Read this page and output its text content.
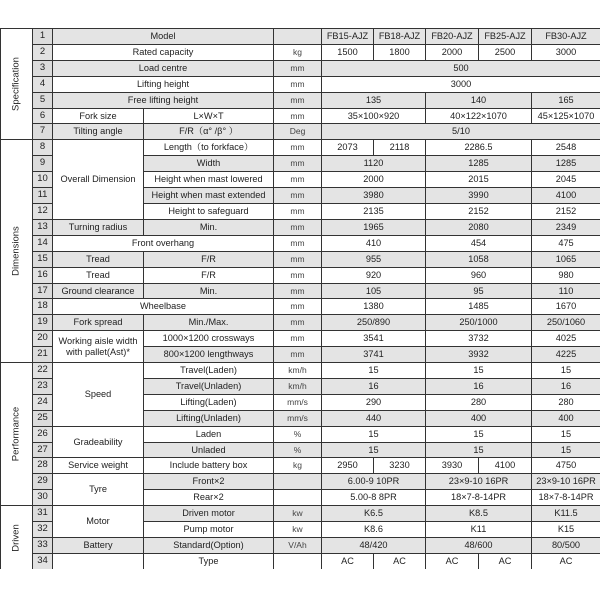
Specification	1	Model			FB15-AJZ	FB18-AJZ	FB20-AJZ	FB25-AJZ	FB30-AJZ
	2	Rated capacity		kg	1500	1800	2000	2500	3000
	3	Load centre		mm	500				
	4	Lifting height		mm	3000				
	5	Free lifting height		mm	135		140		165
	6	Fork size	L×W×T	mm	35×100×920		40×122×1070		45×125×1070
	7	Tilting angle	F/R（α° /β° ）	Deg	5/10				

Dimensions	8	Overall Dimension	Length（to forkface）	mm	2073	2118	2286.5		2548
	9		Width	mm	1120		1285		1285
	10		Height when mast lowered	mm	2000		2015		2045
	11		Height when mast extended	mm	3980		3990		4100
	12		Height to safeguard	mm	2135		2152		2152
	13	Turning radius	Min.	mm	1965		2080		2349
	14	Front overhang		mm	410		454		475
	15	Tread	F/R	mm	955		1058		1065
	16	Tread	F/R	mm	920		960		980
	17	Ground clearance	Min.	mm	105		95		110
	18	Wheelbase		mm	1380		1485		1670
	19	Fork spread	Min./Max.	mm	250/890		250/1000		250/1060
	20	Working aisle width with pallet(Ast)*	1000×1200 crossways	mm	3541		3732		4025
	21		800×1200 lengthways	mm	3741		3932		4225

Performance	22	Speed	Travel(Laden)	km/h	15		15		15
	23		Travel(Unladen)	km/h	16		16		16
	24		Lifting(Laden)	mm/s	290		280		280
	25		Lifting(Unladen)	mm/s	440		400		400
	26	Gradeability	Laden	%	15		15		15
	27		Unladed	%	15		15		15
	28	Service weight	Include battery box	kg	2950	3230	3930	4100	4750
	29	Tyre	Front×2		6.00-9 10PR		23×9-10 16PR		23×9-10 16PR
	30		Rear×2		5.00-8 8PR		18×7-8-14PR		18×7-8-14PR

Driven	31	Motor	Driven motor	kw	K6.5		K8.5		K11.5
	32		Pump motor	kw	K8.6		K11		K15
	33	Battery	Standard(Option)	V/Ah	48/420		48/600		80/500
	34		Type		AC	AC	AC	AC	AC
